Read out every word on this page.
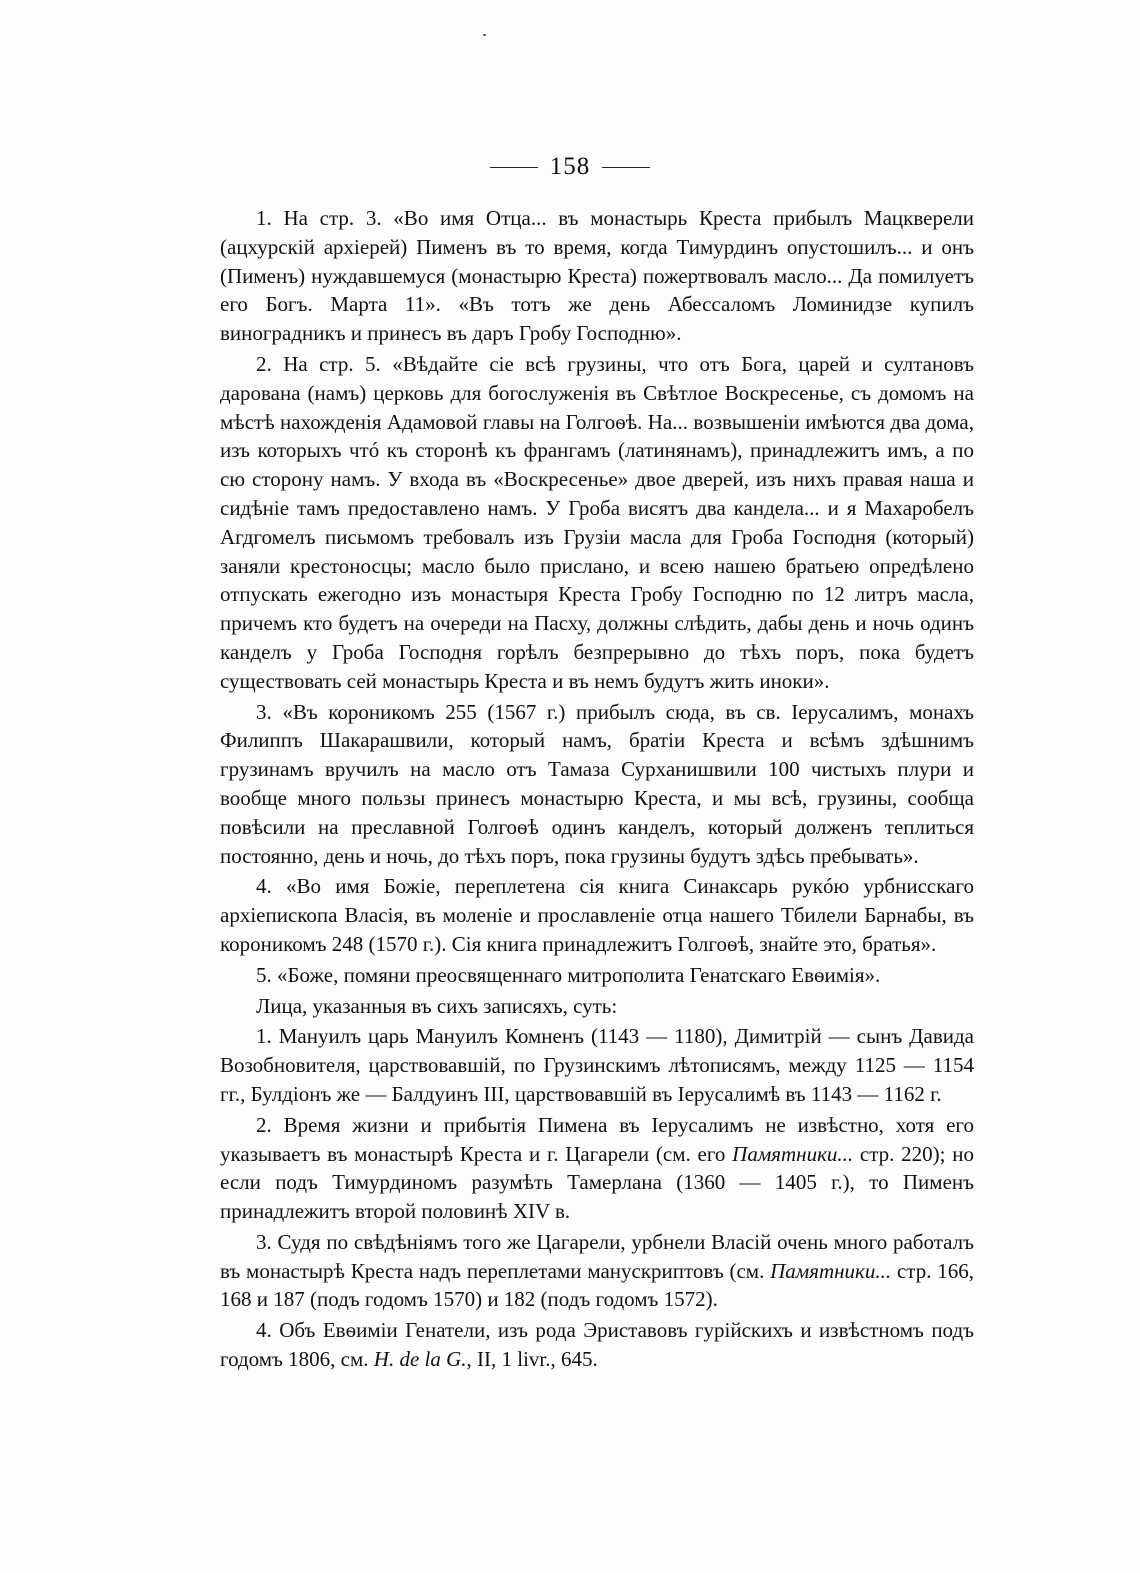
158

1. На стр. 3. «Во имя Отца... въ монастырь Креста прибылъ Мацкверели (ацхурскій архіерей) Пименъ въ то время, когда Тимурдинъ опустошилъ... и онъ (Пименъ) нуждавшемуся (монастырю Креста) пожертвовалъ масло... Да помилуетъ его Богъ. Марта 11». «Въ тотъ же день Абессаломъ Ломинидзе купилъ виноградникъ и принесъ въ даръ Гробу Господню».

2. На стр. 5. «Вѣдайте сіе всѣ грузины, что отъ Бога, царей и султановъ дарована (намъ) церковь для богослуженія въ Свѣтлое Воскресенье, съ домомъ на мѣстѣ нахожденія Адамовой главы на Голгоѳѣ. На... возвышеніи имѣются два дома, изъ которыхъ чтó къ сторонѣ къ франгамъ (латинянамъ), принадлежитъ имъ, а по сю сторону намъ. У входа въ «Воскресенье» двое дверей, изъ нихъ правая наша и сидѣніе тамъ предоставлено намъ. У Гроба висятъ два кандела... и я Махаробелъ Агдгомелъ письмомъ требовалъ изъ Грузіи масла для Гроба Господня (который) заняли крестоносцы; масло было прислано, и всею нашею братьею опредѣлено отпускать ежегодно изъ монастыря Креста Гробу Господню по 12 литръ масла, причемъ кто будетъ на очереди на Пасху, должны слѣдить, дабы день и ночь одинъ канделъ у Гроба Господня горѣлъ безпрерывно до тѣхъ поръ, пока будетъ существовать сей монастырь Креста и въ немъ будутъ жить иноки».

3. «Въ короникомъ 255 (1567 г.) прибылъ сюда, въ св. Іерусалимъ, монахъ Филиппъ Шакарашвили, который намъ, братіи Креста и всѣмъ здѣшнимъ грузинамъ вручилъ на масло отъ Тамаза Сурханишвили 100 чистыхъ плури и вообще много пользы принесъ монастырю Креста, и мы всѣ, грузины, сообща повѣсили на преславной Голгоѳѣ одинъ канделъ, который долженъ теплиться постоянно, день и ночь, до тѣхъ поръ, пока грузины будутъ здѣсь пребывать».

4. «Во имя Божіе, переплетена сія книга Синаксарь рукóю урбнисскаго архіепископа Власія, въ моленіе и прославленіе отца нашего Тбилели Барнабы, въ короникомъ 248 (1570 г.). Сія книга принадлежитъ Голгоѳѣ, знайте это, братья».

5. «Боже, помяни преосвященнаго митрополита Генатскаго Евѳимія».

Лица, указанныя въ сихъ записяхъ, суть:

1. Мануилъ царь Мануилъ Комненъ (1143 — 1180), Димитрій — сынъ Давида Возобновителя, царствовавшій, по Грузинскимъ лѣтописямъ, между 1125 — 1154 гг., Булдіонъ же — Балдуинъ III, царствовавшій въ Іерусалимѣ въ 1143 — 1162 г.

2. Время жизни и прибытія Пимена въ Іерусалимъ не извѣстно, хотя его указываетъ въ монастырѣ Креста и г. Цагарели (см. его Памятники... стр. 220); но если подъ Тимурдиномъ разумѣть Тамерлана (1360 — 1405 г.), то Пименъ принадлежитъ второй половинѣ XIV в.

3. Судя по свѣдѣніямъ того же Цагарели, урбнели Власій очень много работалъ въ монастырѣ Креста надъ переплетами манускриптовъ (см. Памятники... стр. 166, 168 и 187 (подъ годомъ 1570) и 182 (подъ годомъ 1572).

4. Объ Евѳиміи Генатели, изъ рода Эриставовъ гурійскихъ и извѣстномъ подъ годомъ 1806, см. H. de la G., II, 1 livr., 645.
